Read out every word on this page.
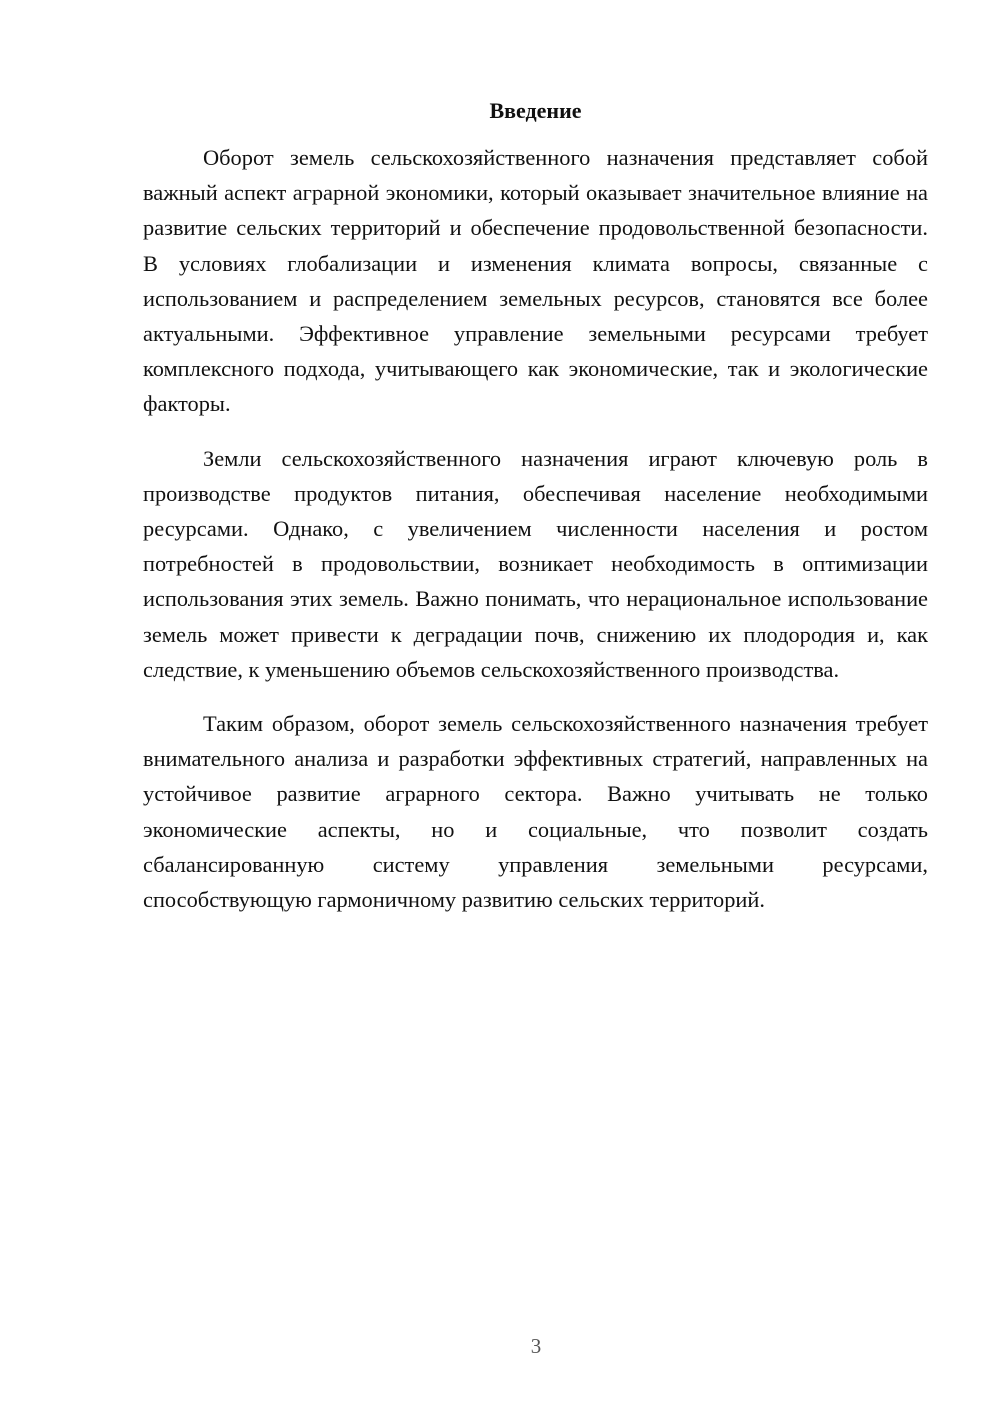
Введение

Оборот земель сельскохозяйственного назначения представляет собой важный аспект аграрной экономики, который оказывает значительное влияние на развитие сельских территорий и обеспечение продовольственной безопасности. В условиях глобализации и изменения климата вопросы, связанные с использованием и распределением земельных ресурсов, становятся все более актуальными. Эффективное управление земельными ресурсами требует комплексного подхода, учитывающего как экономические, так и экологические факторы.

Земли сельскохозяйственного назначения играют ключевую роль в производстве продуктов питания, обеспечивая население необходимыми ресурсами. Однако, с увеличением численности населения и ростом потребностей в продовольствии, возникает необходимость в оптимизации использования этих земель. Важно понимать, что нерациональное использование земель может привести к деградации почв, снижению их плодородия и, как следствие, к уменьшению объемов сельскохозяйственного производства.

Таким образом, оборот земель сельскохозяйственного назначения требует внимательного анализа и разработки эффективных стратегий, направленных на устойчивое развитие аграрного сектора. Важно учитывать не только экономические аспекты, но и социальные, что позволит создать сбалансированную систему управления земельными ресурсами, способствующую гармоничному развитию сельских территорий.

3
